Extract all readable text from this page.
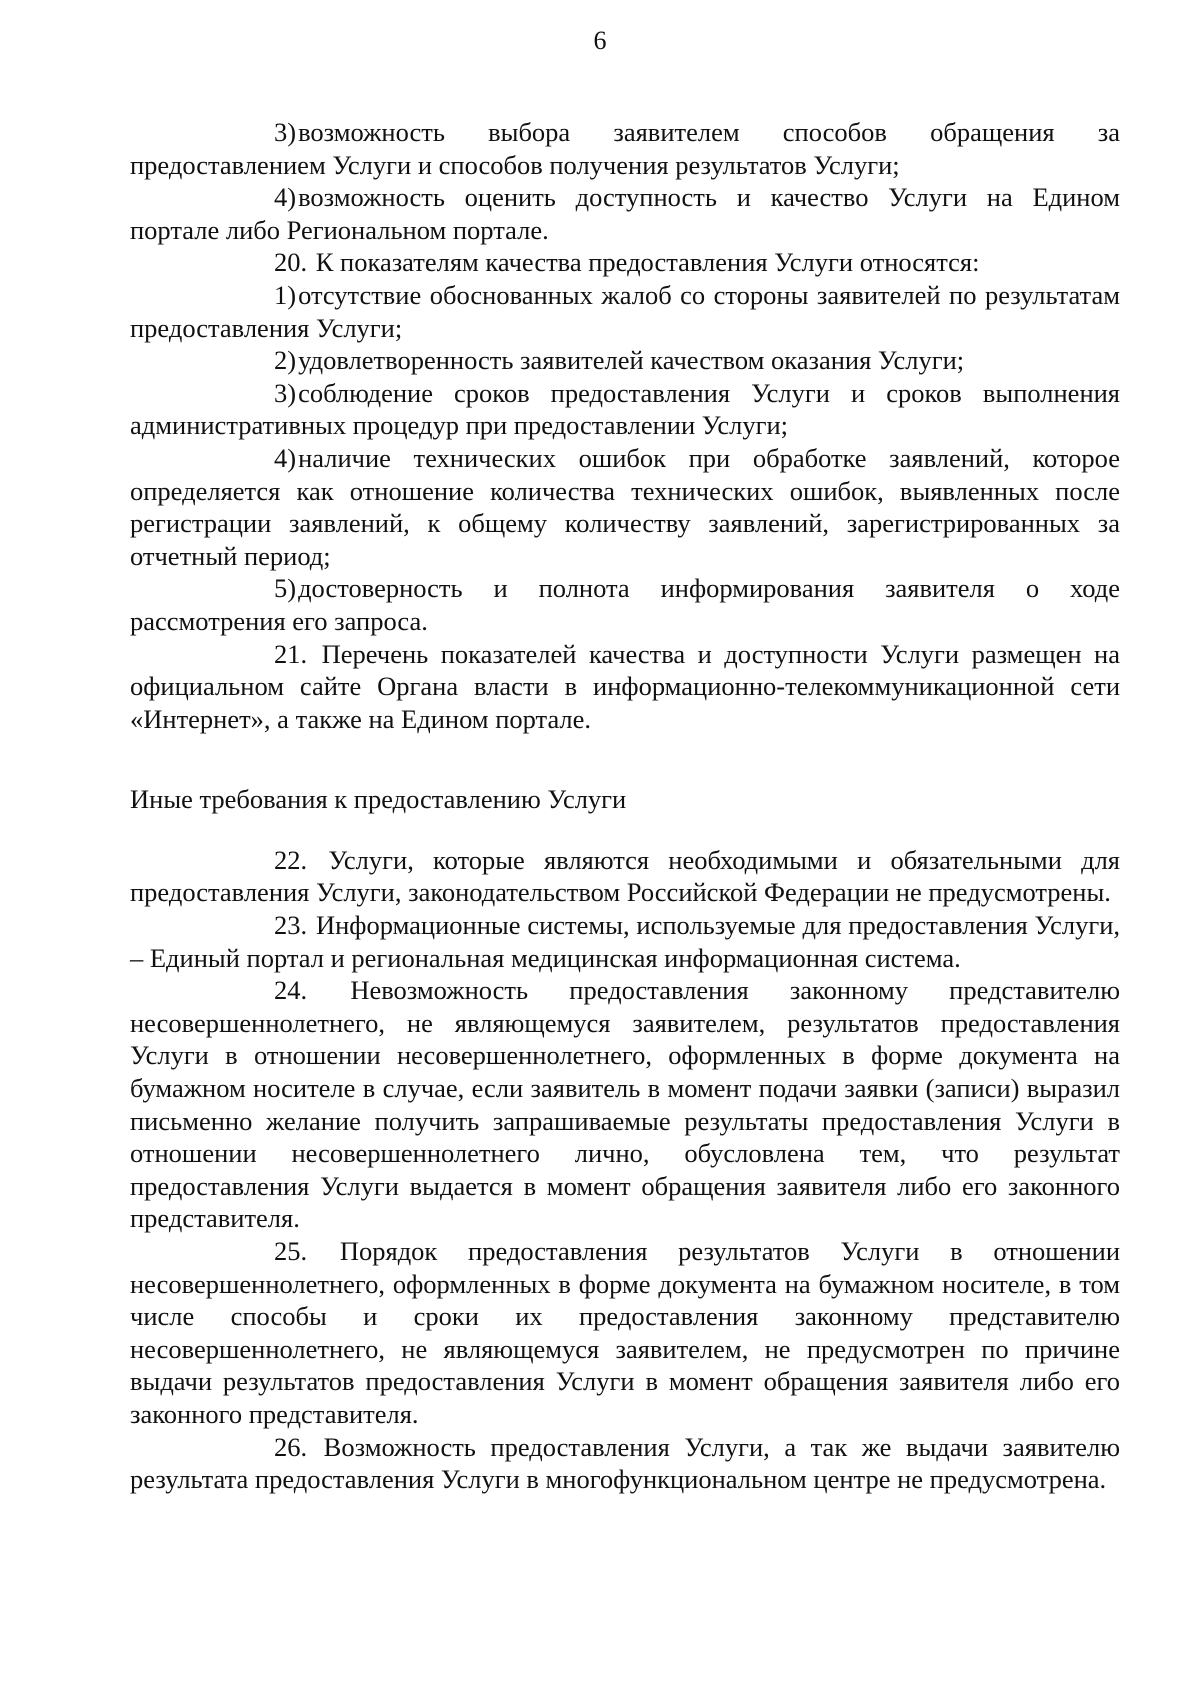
6

3)возможность выбора заявителем способов обращения за предоставлением Услуги и способов получения результатов Услуги;

4)возможность оценить доступность и качество Услуги на Едином портале либо Региональном портале.

20. К показателям качества предоставления Услуги относятся:

1)отсутствие обоснованных жалоб со стороны заявителей по результатам предоставления Услуги;

2)удовлетворенность заявителей качеством оказания Услуги;

3)соблюдение сроков предоставления Услуги и сроков выполнения административных процедур при предоставлении Услуги;

4)наличие технических ошибок при обработке заявлений, которое определяется как отношение количества технических ошибок, выявленных после регистрации заявлений, к общему количеству заявлений, зарегистрированных за отчетный период;

5)достоверность и полнота информирования заявителя о ходе рассмотрения его запроса.

21. Перечень показателей качества и доступности Услуги размещен на официальном сайте Органа власти в информационно-телекоммуникационной сети «Интернет», а также на Едином портале.

Иные требования к предоставлению Услуги

22. Услуги, которые являются необходимыми и обязательными для предоставления Услуги, законодательством Российской Федерации не предусмотрены.

23. Информационные системы, используемые для предоставления Услуги, – Единый портал и региональная медицинская информационная система.

24. Невозможность предоставления законному представителю несовершеннолетнего, не являющемуся заявителем, результатов предоставления Услуги в отношении несовершеннолетнего, оформленных в форме документа на бумажном носителе в случае, если заявитель в момент подачи заявки (записи) выразил письменно желание получить запрашиваемые результаты предоставления Услуги в отношении несовершеннолетнего лично, обусловлена тем, что результат предоставления Услуги выдается в момент обращения заявителя либо его законного представителя.

25. Порядок предоставления результатов Услуги в отношении несовершеннолетнего, оформленных в форме документа на бумажном носителе, в том числе способы и сроки их предоставления законному представителю несовершеннолетнего, не являющемуся заявителем, не предусмотрен по причине выдачи результатов предоставления Услуги в момент обращения заявителя либо его законного представителя.

26. Возможность предоставления Услуги, а так же выдачи заявителю результата предоставления Услуги в многофункциональном центре не предусмотрена.
